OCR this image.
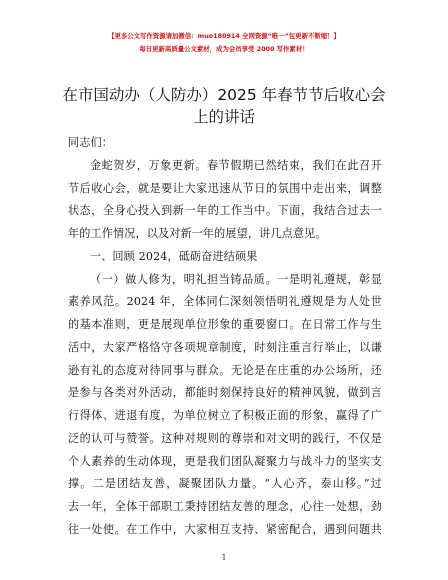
【更多公文写作资源请加微信：muo180914 全网资源“唯一”包更新不断缩！】
每日更新高质量公文素材，成为会员享受 2000 写作素材！
在市国动办（人防办）2025 年春节节后收心会
上的讲话
同志们：
金蛇贺岁，万象更新。春节假期已然结束，我们在此召开
节后收心会，就是要让大家迅速从节日的氛围中走出来，调整
状态，全身心投入到新一年的工作当中。下面，我结合过去一
年的工作情况，以及对新一年的展望，讲几点意见。
一、回顾 2024，砥砺奋进结硕果
（一）做人修为，明礼担当铸品质。一是明礼遵规，彰显
素养风范。2024 年，全体同仁深刻领悟明礼遵规是为人处世
的基本准则，更是展现单位形象的重要窗口。在日常工作与生
活中，大家严格恪守各项规章制度，时刻注重言行举止，以谦
逊有礼的态度对待同事与群众。无论是在庄重的办公场所，还
是参与各类对外活动，都能时刻保持良好的精神风貌，做到言
行得体、进退有度，为单位树立了积极正面的形象，赢得了广
泛的认可与赞誉。这种对规则的尊崇和对文明的践行，不仅是
个人素养的生动体现，更是我们团队凝聚力与战斗力的坚实支
撑。二是团结友善，凝聚团队力量。“人心齐，泰山移。”过
去一年，全体干部职工秉持团结友善的理念，心往一处想，劲
往一处使。在工作中，大家相互支持、紧密配合，遇到问题共
1
